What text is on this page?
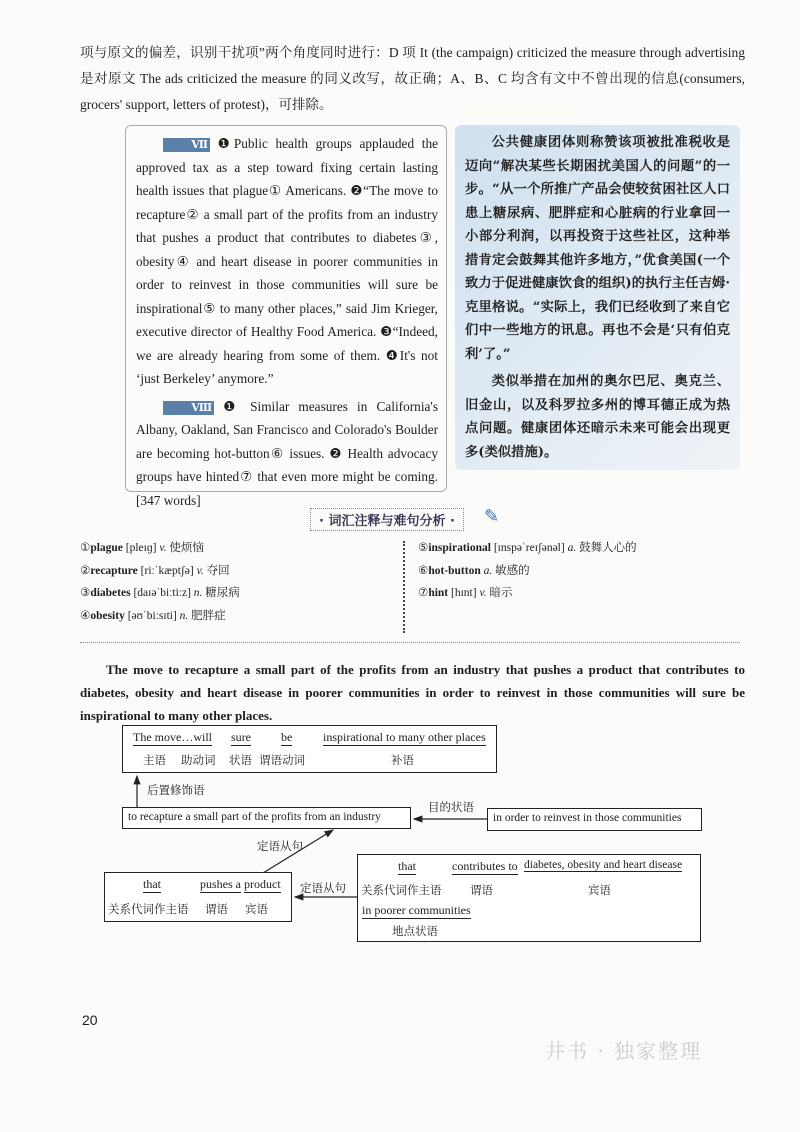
项与原文的偏差，识别干扰项”两个角度同时进行：D 项 It (the campaign) criticized the measure through advertising 是对原文 The ads criticized the measure 的同义改写，故正确；A、B、C 均含有文中不曾出现的信息(consumers, grocers' support, letters of protest)，可排除。

Ⅶ ❶Public health groups applauded the approved tax as a step toward fixing certain lasting health issues that plague① Americans. ❷“The move to recapture② a small part of the profits from an industry that pushes a product that contributes to diabetes③, obesity④ and heart disease in poorer communities in order to reinvest in those communities will sure be inspirational⑤ to many other places,” said Jim Krieger, executive director of Healthy Food America. ❸“Indeed, we are already hearing from some of them. ❹It's not ‘just Berkeley’ anymore.”

Ⅷ ❶ Similar measures in California's Albany, Oakland, San Francisco and Colorado's Boulder are becoming hot-button⑥ issues. ❷ Health advocacy groups have hinted⑦ that even more might be coming. [347 words]

公共健康团体则称赞该项被批准税收是迈向“解决某些长期困扰美国人的问题”的一步。“从一个所推广产品会使较贫困社区人口患上糖尿病、肥胖症和心脏病的行业拿回一小部分利润，以再投资于这些社区，这种举措肯定会鼓舞其他许多地方，”优食美国(一个致力于促进健康饮食的组织)的执行主任吉姆·克里格说。“实际上，我们已经收到了来自它们中一些地方的讯息。再也不会是‘只有伯克利’了。”

类似举措在加州的奥尔巴尼、奥克兰、旧金山，以及科罗拉多州的博耳德正成为热点问题。健康团体还暗示未来可能会出现更多(类似措施)。

· 词汇注释与难句分析 ·	✎
①plague [pleɪɡ] v. 使烦恼
②recapture [riːˈkæptʃə] v. 夺回
③diabetes [daɪəˈbiːtiːz] n. 糖尿病
④obesity [əʊˈbiːsɪti] n. 肥胖症
⑤inspirational [ɪnspəˈreɪʃənəl] a. 鼓舞人心的
⑥hot-button a. 敏感的
⑦hint [hɪnt] v. 暗示
The move to recapture a small part of the profits from an industry that pushes a product that contributes to diabetes, obesity and heart disease in poorer communities in order to reinvest in those communities will sure be inspirational to many other places.
The move…will sure	be	inspirational to many other places
主语 助动词 状语 谓语动词	补语
后置修饰语
to recapture a small part of the profits from an industry
目的状语
in order to reinvest in those communities
定语从句
that	pushes a product
关系代词作主语 谓语 宾语
定语从句
that	contributes to diabetes, obesity and heart disease
关系代词作主语 谓语	宾语
in poorer communities
地点状语
20
井书 · 独家整理
